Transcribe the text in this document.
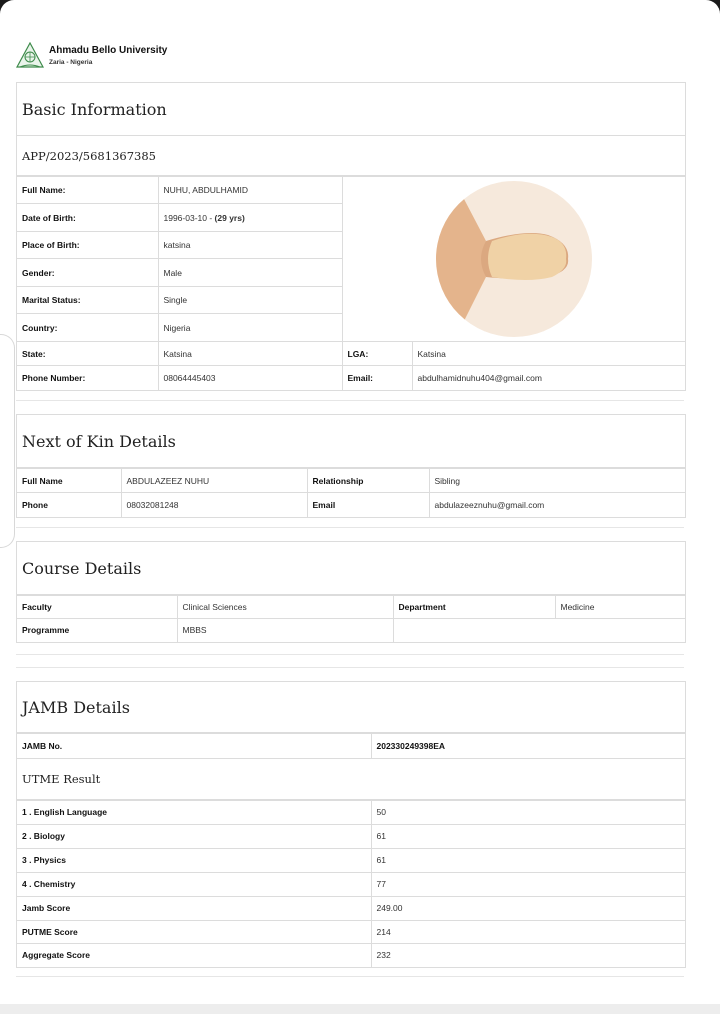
Ahmadu Bello University
Zaria - Nigeria
Basic Information
APP/2023/5681367385
Full Name:	NUHU, ABDULHAMID	

Date of Birth:	1996-03-10 - (29 yrs)		
Place of Birth:	katsina		
Gender:	Male		
Marital Status:	Single		
Country:	Nigeria		
State:	Katsina	LGA:	Katsina
Phone Number:	08064445403	Email:	abdulhamidnuhu404@gmail.com
Next of Kin Details
Full Name	ABDULAZEEZ NUHU	Relationship	Sibling
Phone	08032081248	Email	abdulazeeznuhu@gmail.com
Course Details
Faculty	Clinical Sciences	Department	Medicine
Programme	MBBS		
JAMB Details
JAMB No.	202330249398EA
UTME Result
1 . English Language	50
2 . Biology	61
3 . Physics	61
4 . Chemistry	77
Jamb Score	249.00
PUTME Score	214
Aggregate Score	232
